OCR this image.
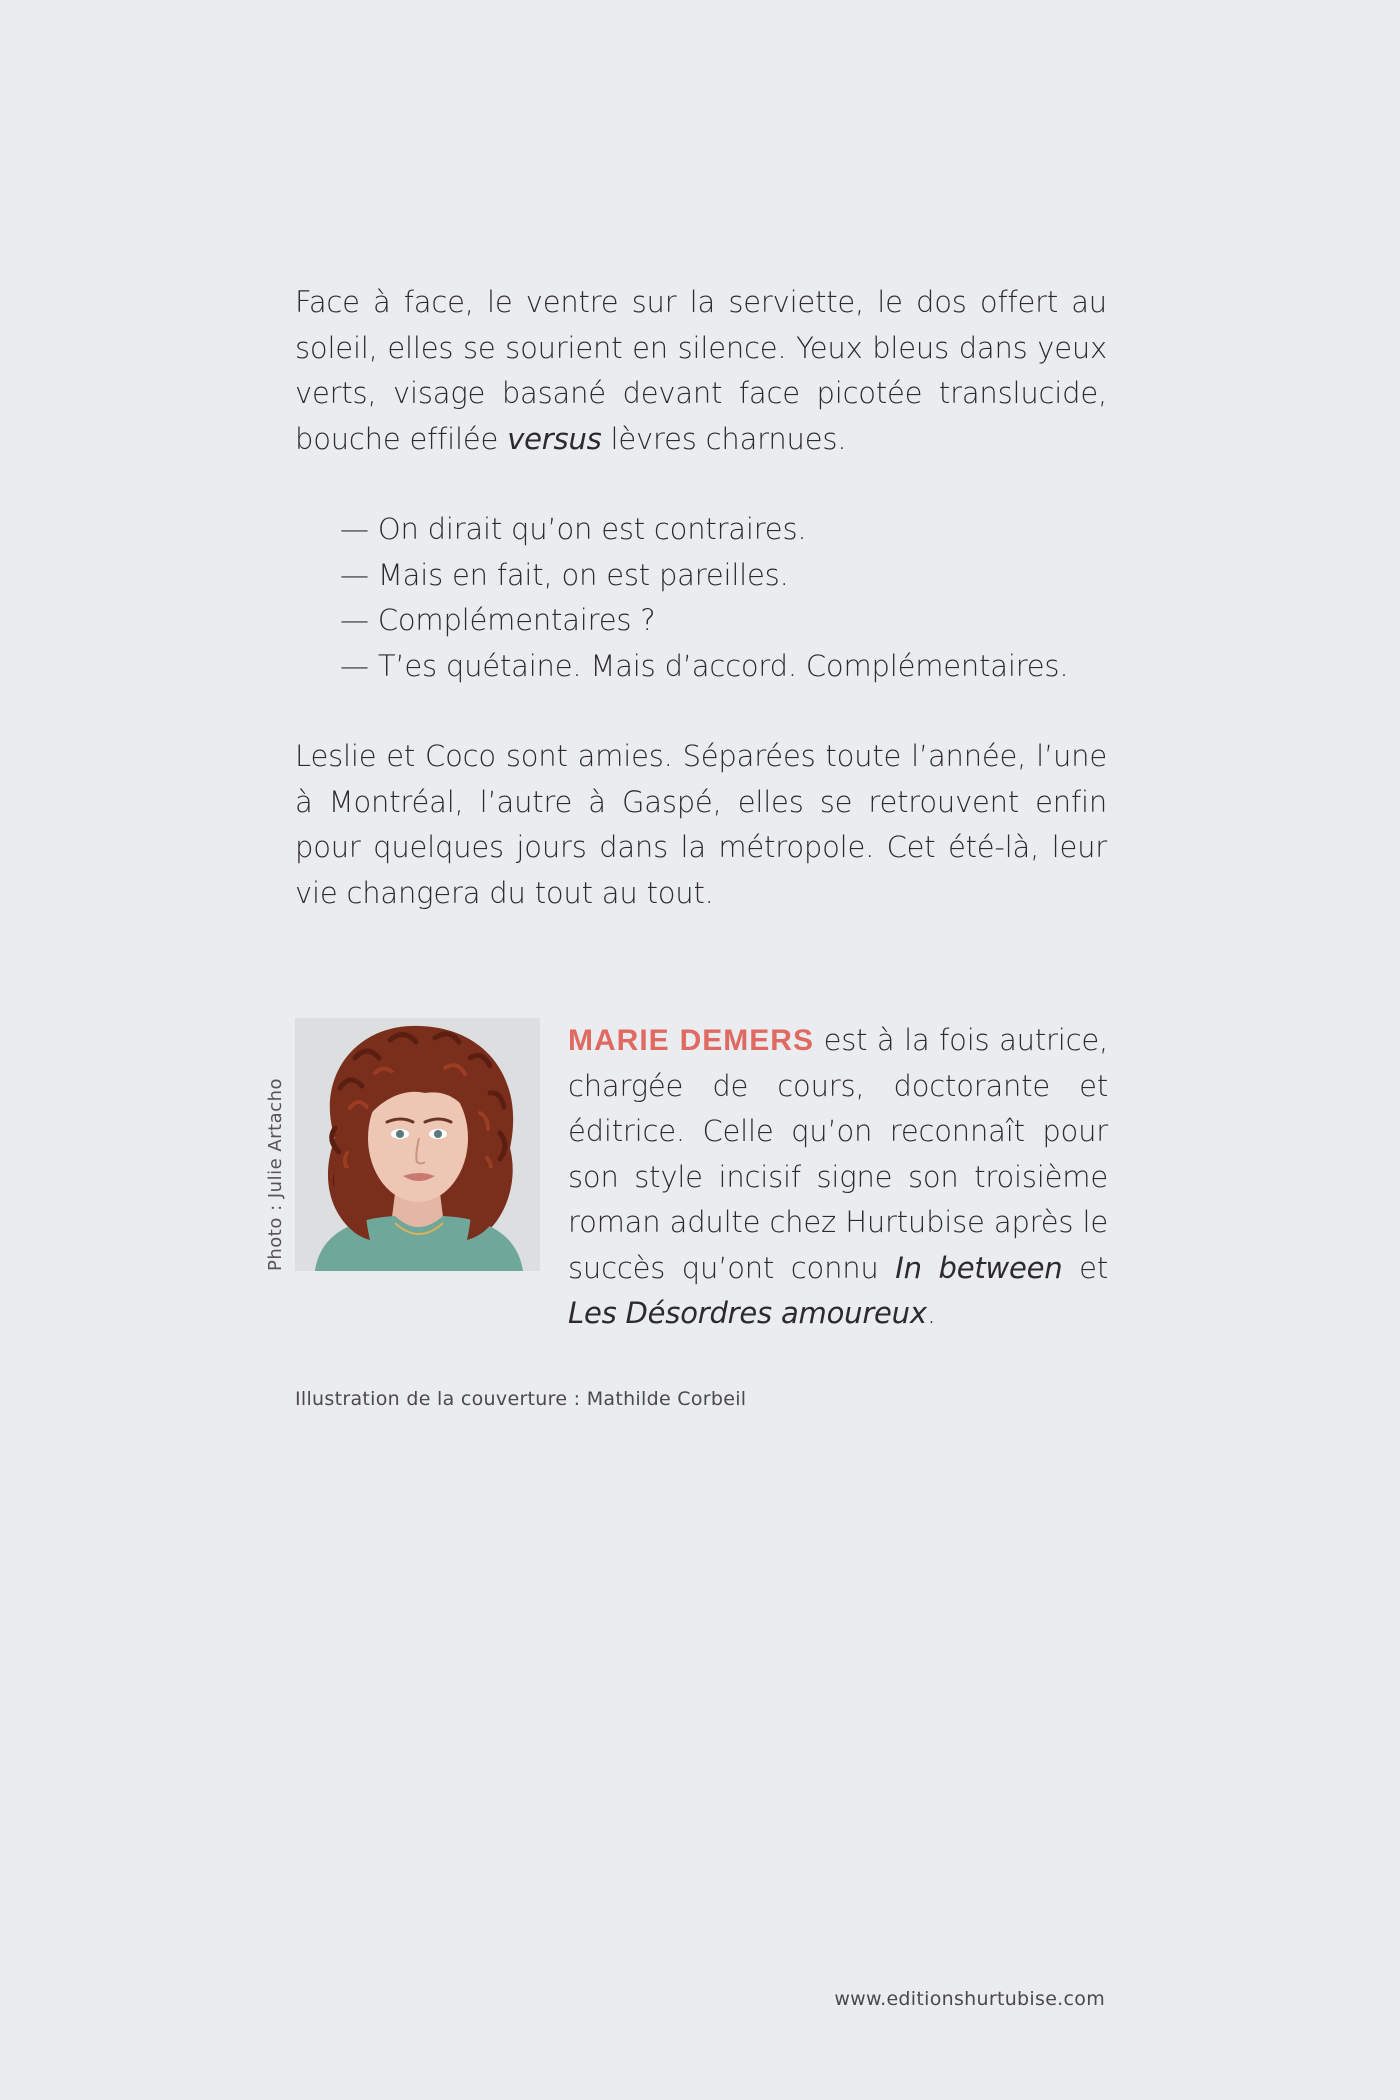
Face à face, le ventre sur la serviette, le dos offert au soleil, elles se sourient en silence. Yeux bleus dans yeux verts, visage basané devant face picotée translucide, bouche effilée versus lèvres charnues.

— On dirait qu’on est contraires.
— Mais en fait, on est pareilles.
— Complémentaires ?
— T’es quétaine. Mais d’accord. Complémentaires.

Leslie et Coco sont amies. Séparées toute l’année, l’une à Montréal, l’autre à Gaspé, elles se retrouvent enfin pour quelques jours dans la métropole. Cet été-là, leur vie changera du tout au tout.

Photo : Julie Artacho
MARIE DEMERS est à la fois autrice, chargée de cours, doctorante et éditrice. Celle qu’on reconnaît pour son style incisif signe son troisième roman adulte chez Hurtubise après le succès qu’ont connu In between et Les Désordres amoureux.
Illustration de la couverture : Mathilde Corbeil
www.editionshurtubise.com
